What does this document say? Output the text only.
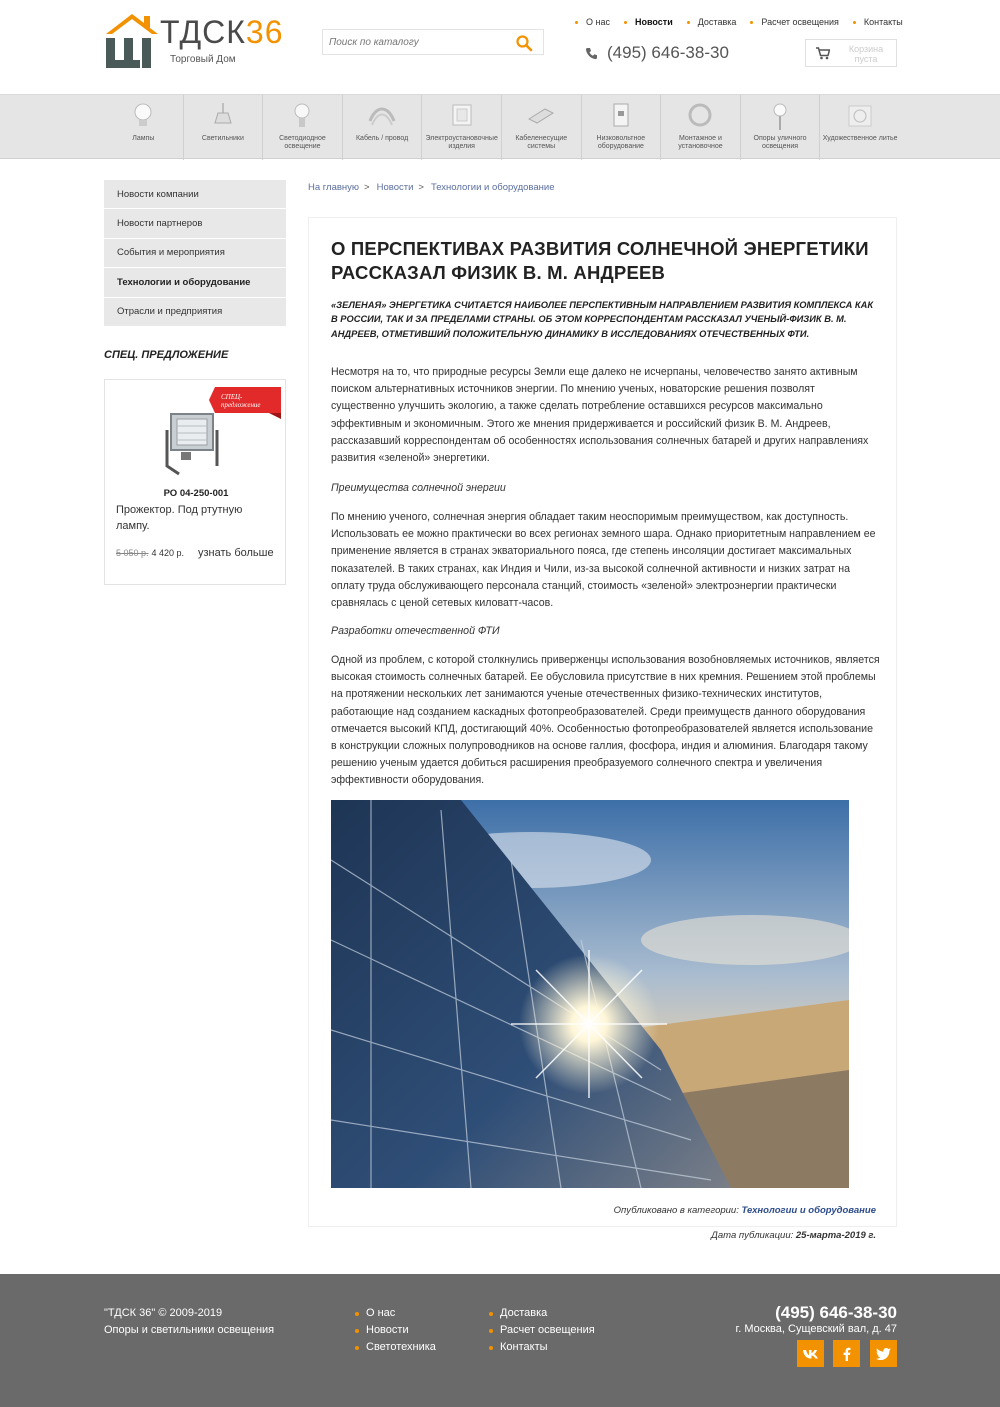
ТДСК36
Торговый Дом
Поиск по каталогу
О нас	Новости	Доставка	Расчет освещения	Контакты
(495) 646-38-30	Корзина пуста
Лампы	Светильники	Светодиодное освещение
Кабель / провод	Электроустановочные изделия
Кабеленесущие системы
Низковольтное оборудование
Монтажное и установочное
Опоры уличного освещения
Художественное литье
Новости компании
Новости партнеров
События и мероприятия
Технологии и оборудование
Отрасли и предприятия
СПЕЦ. ПРЕДЛОЖЕНИЕ
СПЕЦ-предложение
РО 04-250-001
Прожектор. Под ртутную лампу.
5 050 р. 4 420 р. узнать больше
На главную > Новости > Технологии и оборудование
О ПЕРСПЕКТИВАХ РАЗВИТИЯ СОЛНЕЧНОЙ ЭНЕРГЕТИКИ РАССКАЗАЛ ФИЗИК В. М. АНДРЕЕВ
«ЗЕЛЕНАЯ» ЭНЕРГЕТИКА СЧИТАЕТСЯ НАИБОЛЕЕ ПЕРСПЕКТИВНЫМ НАПРАВЛЕНИЕМ РАЗВИТИЯ КОМПЛЕКСА КАК В РОССИИ, ТАК И ЗА ПРЕДЕЛАМИ СТРАНЫ. ОБ ЭТОМ КОРРЕСПОНДЕНТАМ РАССКАЗАЛ УЧЕНЫЙ-ФИЗИК В. М. АНДРЕЕВ, ОТМЕТИВШИЙ ПОЛОЖИТЕЛЬНУЮ ДИНАМИКУ В ИССЛЕДОВАНИЯХ ОТЕЧЕСТВЕННЫХ ФТИ.
Несмотря на то, что природные ресурсы Земли еще далеко не исчерпаны, человечество занято активным поиском альтернативных источников энергии. По мнению ученых, новаторские решения позволят существенно улучшить экологию, а также сделать потребление оставшихся ресурсов максимально эффективным и экономичным. Этого же мнения придерживается и российский физик В. М. Андреев, рассказавший корреспондентам об особенностях использования солнечных батарей и других направлениях развития «зеленой» энергетики.
Преимущества солнечной энергии
По мнению ученого, солнечная энергия обладает таким неоспоримым преимуществом, как доступность. Использовать ее можно практически во всех регионах земного шара. Однако приоритетным направлением ее применение является в странах экваториального пояса, где степень инсоляции достигает максимальных показателей. В таких странах, как Индия и Чили, из-за высокой солнечной активности и низких затрат на оплату труда обслуживающего персонала станций, стоимость «зеленой» электроэнергии практически сравнялась с ценой сетевых киловатт-часов.
Разработки отечественной ФТИ
Одной из проблем, с которой столкнулись приверженцы использования возобновляемых источников, является высокая стоимость солнечных батарей. Ее обусловила присутствие в них кремния. Решением этой проблемы на протяжении нескольких лет занимаются ученые отечественных физико-технических институтов, работающие над созданием каскадных фотопреобразователей. Среди преимуществ данного оборудования отмечается высокий КПД, достигающий 40%. Особенностью фотопреобразователей является использование в конструкции сложных полупроводников на основе галлия, фосфора, индия и алюминия. Благодаря такому решению ученым удается добиться расширения преобразуемого солнечного спектра и увеличения эффективности оборудования.
Опубликовано в категории: Технологии и оборудование
Дата публикации: 25-марта-2019 г.
"ТДСК 36" © 2009-2019
Опоры и светильники освещения
О нас
Новости
Светотехника
Доставка
Расчет освещения
Контакты
(495) 646-38-30
г. Москва, Сущевский вал, д. 47
